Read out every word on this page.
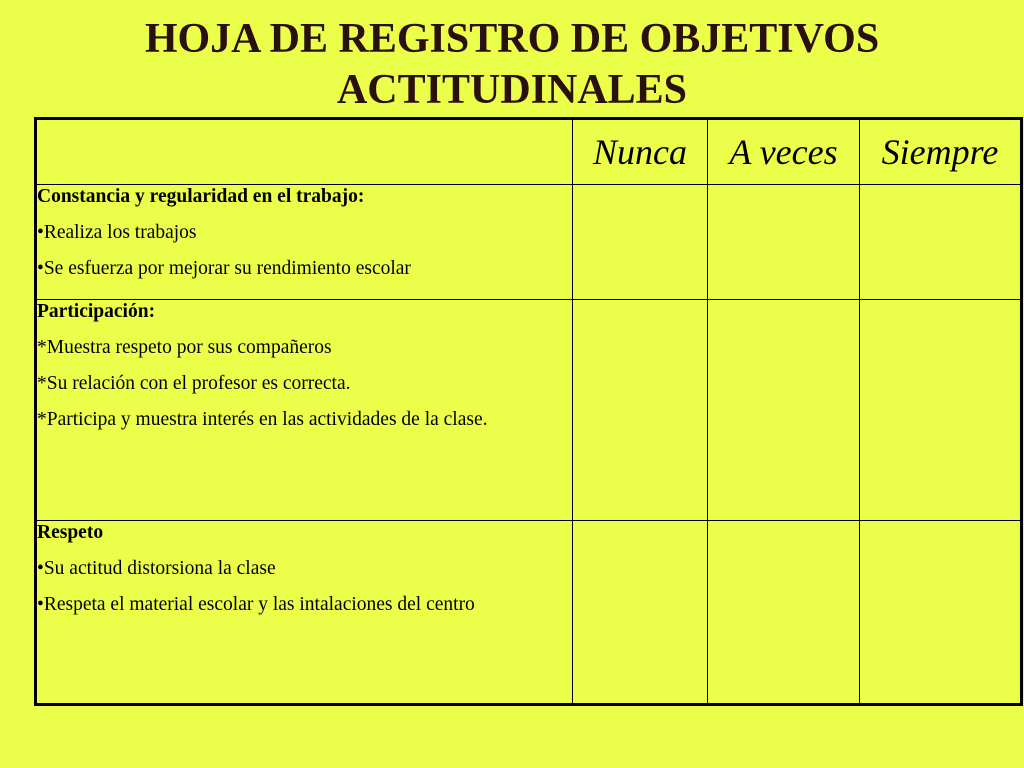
HOJA DE REGISTRO DE OBJETIVOS
ACTITUDINALES
	Nunca	A veces	Siempre

Constancia y regularidad en el trabajo:
•Realiza los trabajos
•Se esfuerza por mejorar su rendimiento escolar			

Participación:
*Muestra respeto por sus compañeros
*Su relación con el profesor es correcta.
*Participa y muestra interés en las actividades de la clase.			

Respeto
•Su actitud distorsiona la clase
•Respeta el material escolar y las intalaciones del centro			
